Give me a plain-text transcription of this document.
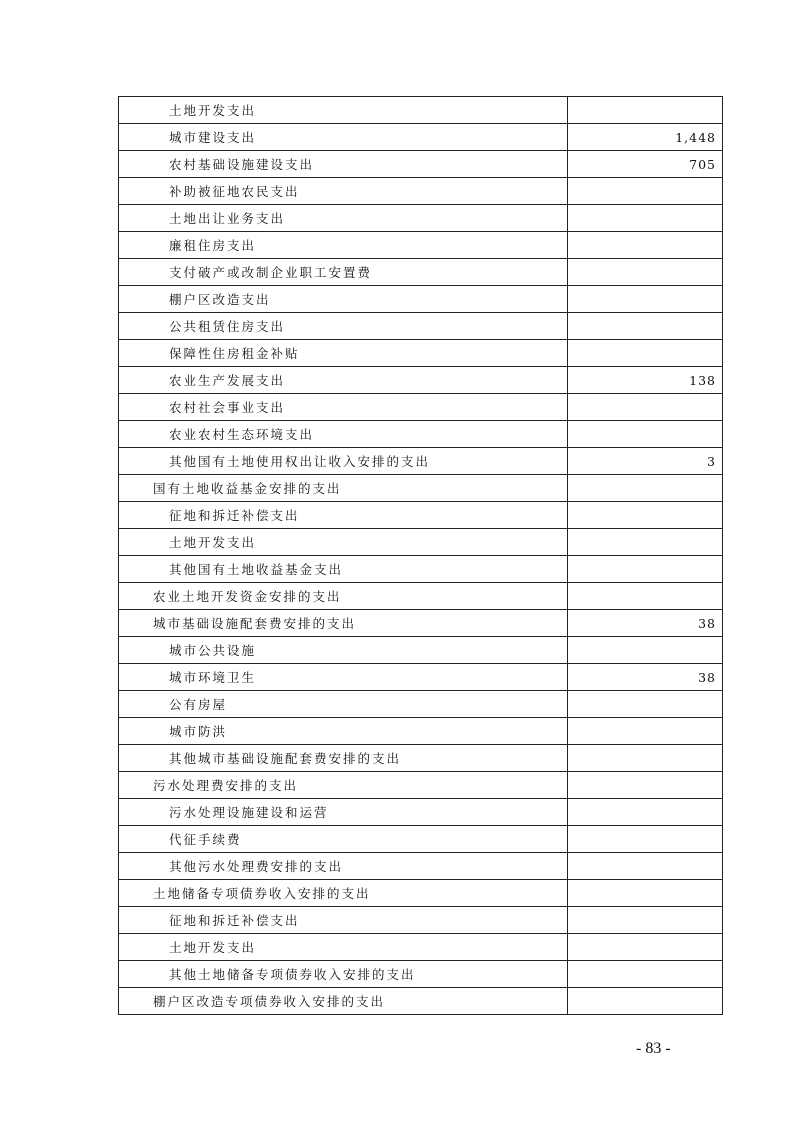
土地开发支出	
城市建设支出	1,448
农村基础设施建设支出	705
补助被征地农民支出	
土地出让业务支出	
廉租住房支出	
支付破产或改制企业职工安置费	
棚户区改造支出	
公共租赁住房支出	
保障性住房租金补贴	
农业生产发展支出	138
农村社会事业支出	
农业农村生态环境支出	
其他国有土地使用权出让收入安排的支出	3
国有土地收益基金安排的支出	
征地和拆迁补偿支出	
土地开发支出	
其他国有土地收益基金支出	
农业土地开发资金安排的支出	
城市基础设施配套费安排的支出	38
城市公共设施	
城市环境卫生	38
公有房屋	
城市防洪	
其他城市基础设施配套费安排的支出	
污水处理费安排的支出	
污水处理设施建设和运营	
代征手续费	
其他污水处理费安排的支出	
土地储备专项债券收入安排的支出	
征地和拆迁补偿支出	
土地开发支出	
其他土地储备专项债券收入安排的支出	
棚户区改造专项债券收入安排的支出	
- 83 -
